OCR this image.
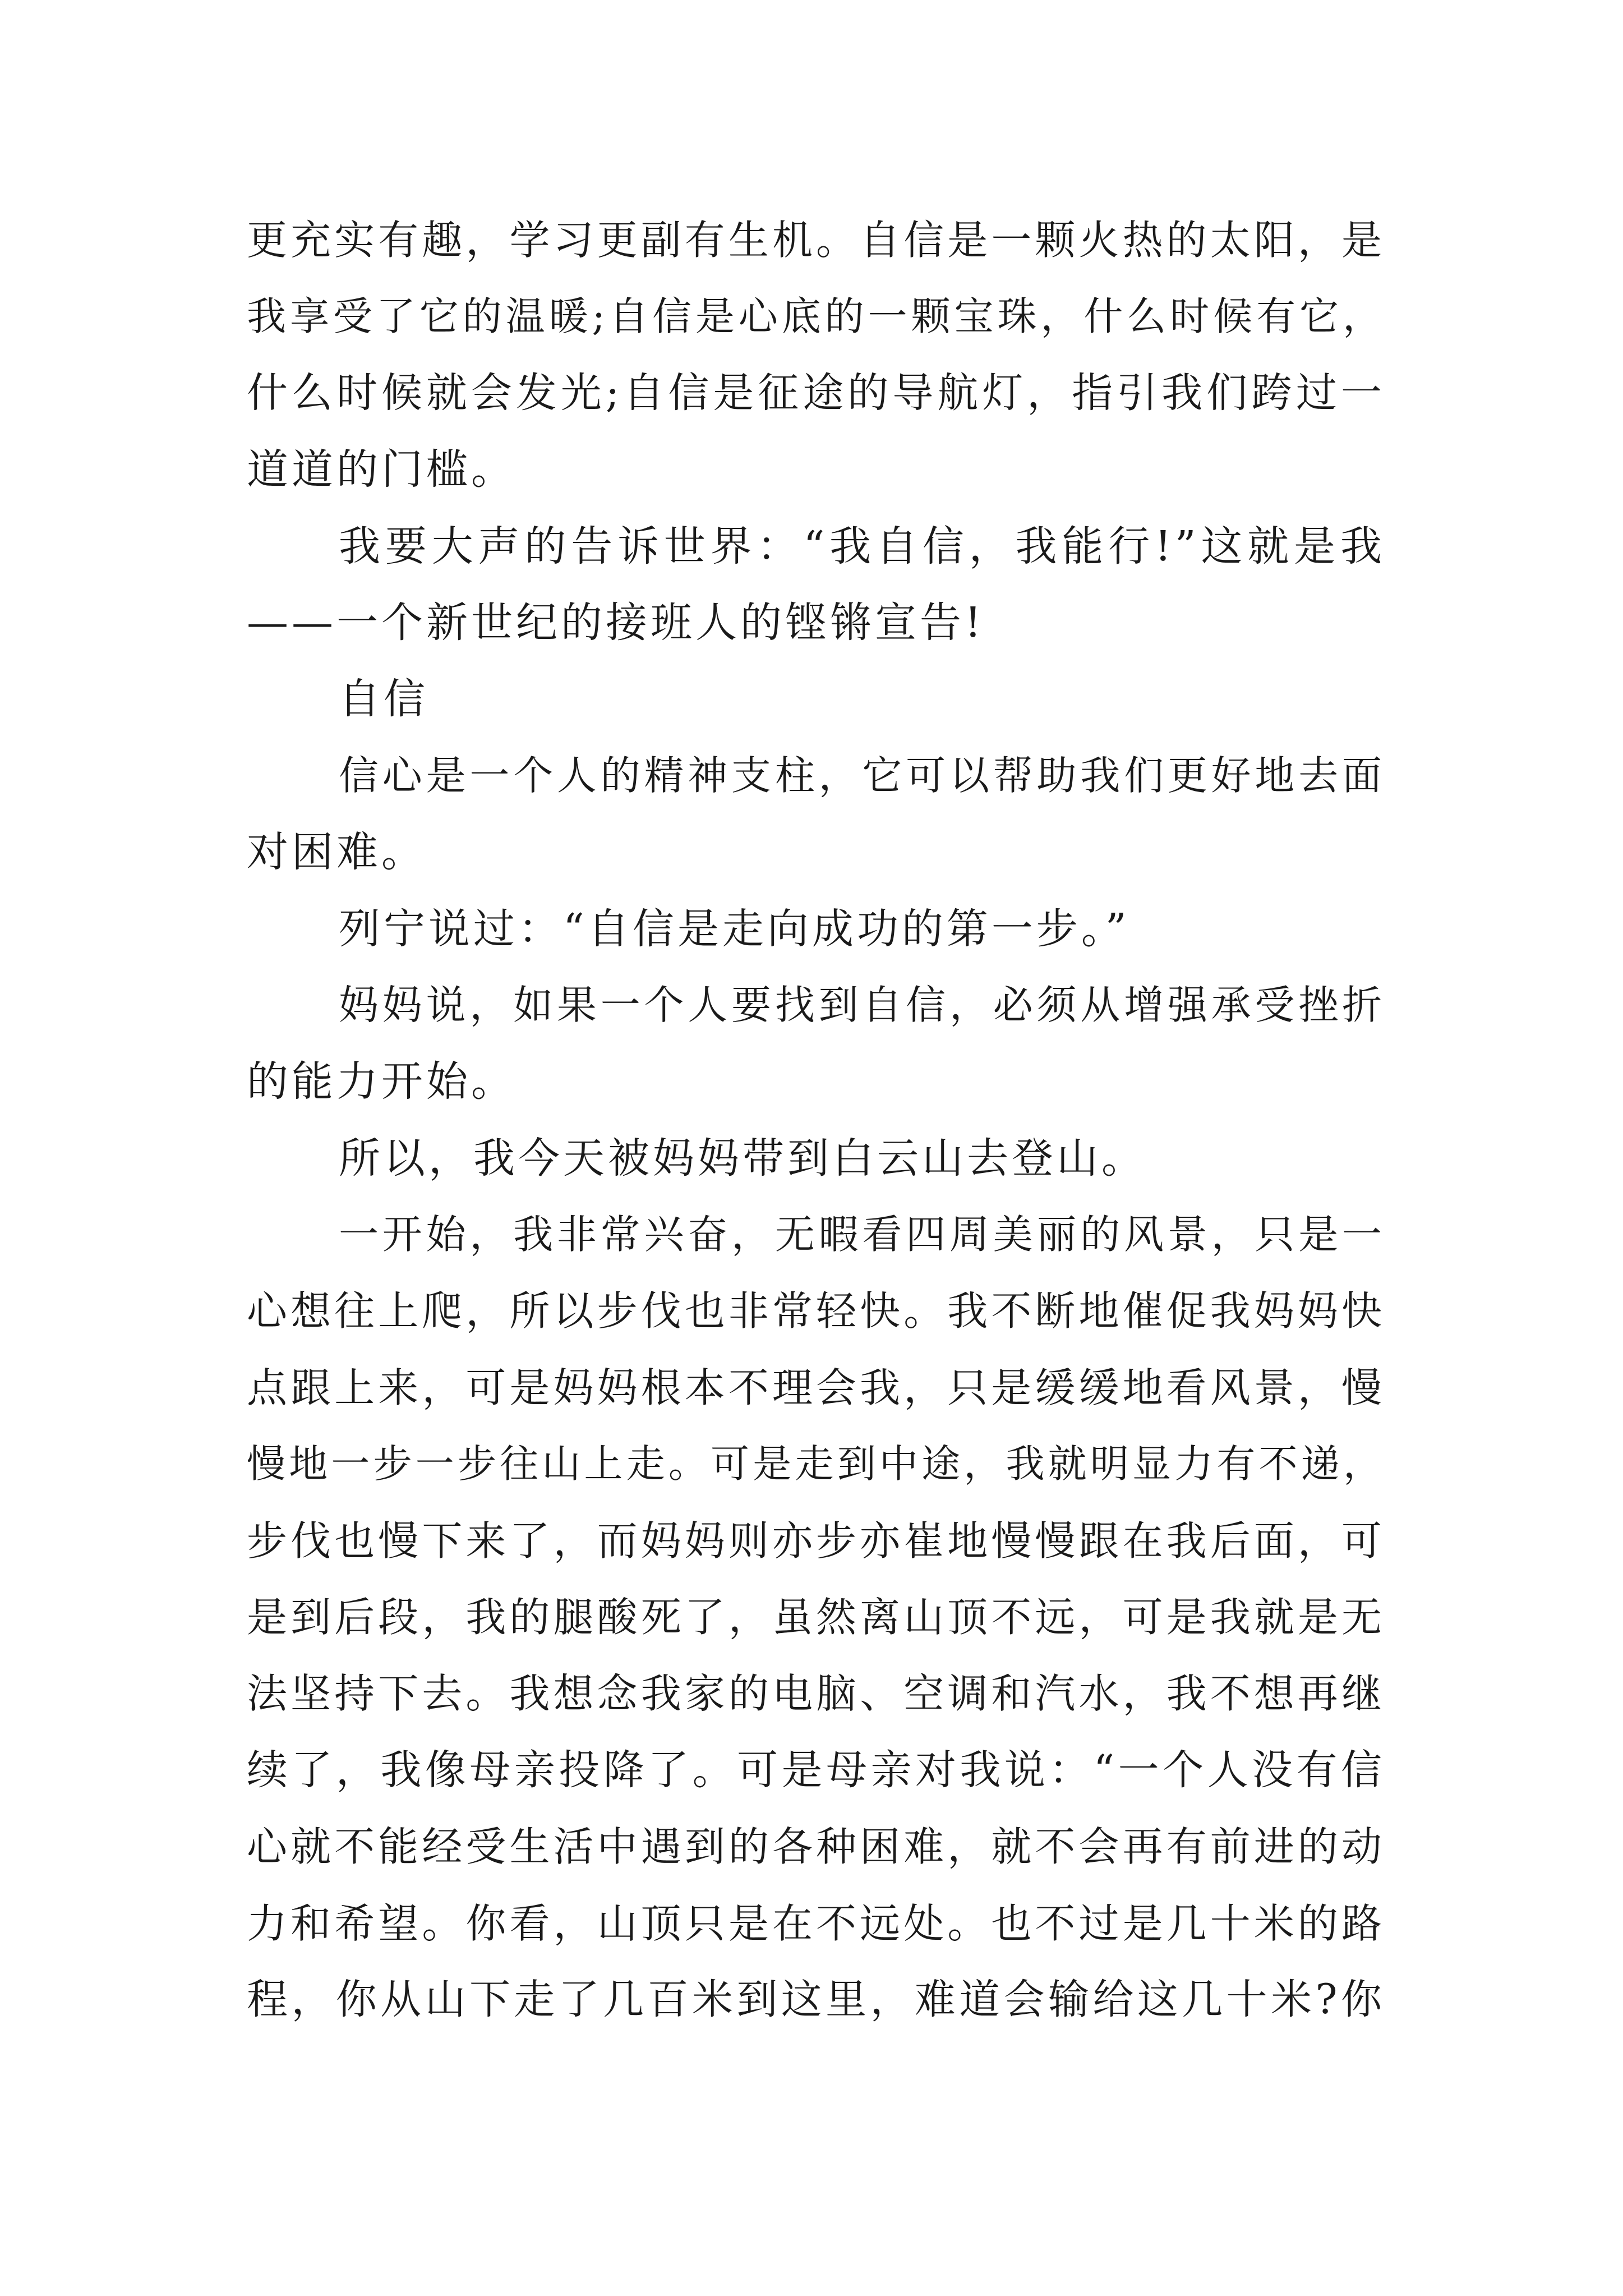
更充实有趣，学习更副有生机。自信是一颗火热的太阳，是
我享受了它的温暖;自信是心底的一颗宝珠，什么时候有它，
什么时候就会发光;自信是征途的导航灯，指引我们跨过一
道道的门槛。
我要大声的告诉世界：“我自信，我能行!”这就是我
——一个新世纪的接班人的铿锵宣告!
自信
信心是一个人的精神支柱，它可以帮助我们更好地去面
对困难。
列宁说过：“自信是走向成功的第一步。”
妈妈说，如果一个人要找到自信，必须从增强承受挫折
的能力开始。
所以，我今天被妈妈带到白云山去登山。
一开始，我非常兴奋，无暇看四周美丽的风景，只是一
心想往上爬，所以步伐也非常轻快。我不断地催促我妈妈快
点跟上来，可是妈妈根本不理会我，只是缓缓地看风景，慢
慢地一步一步往山上走。可是走到中途，我就明显力有不递，
步伐也慢下来了，而妈妈则亦步亦崔地慢慢跟在我后面，可
是到后段，我的腿酸死了，虽然离山顶不远，可是我就是无
法坚持下去。我想念我家的电脑、空调和汽水，我不想再继
续了，我像母亲投降了。可是母亲对我说：“一个人没有信
心就不能经受生活中遇到的各种困难，就不会再有前进的动
力和希望。你看，山顶只是在不远处。也不过是几十米的路
程，你从山下走了几百米到这里，难道会输给这几十米?你
